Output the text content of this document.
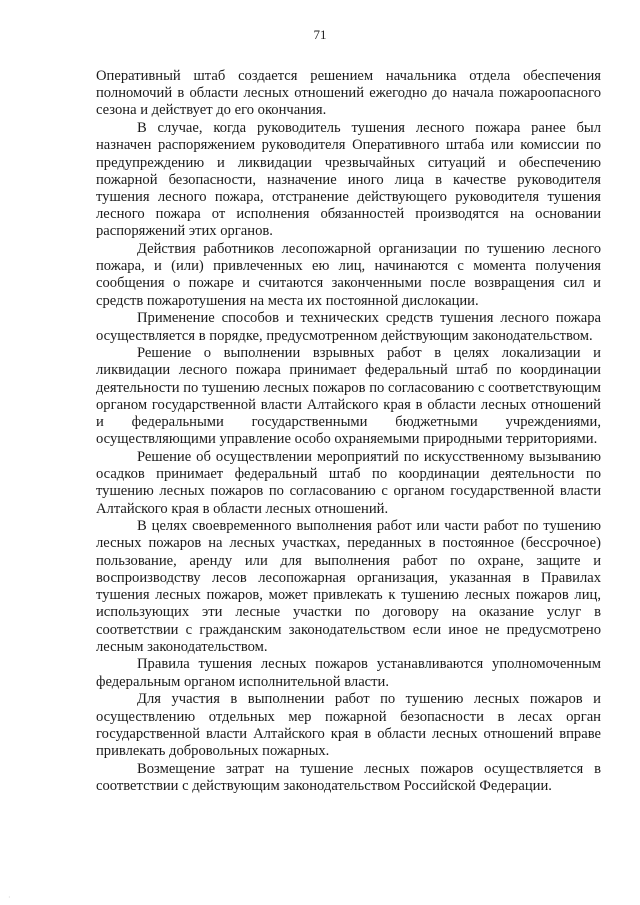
71

Оперативный штаб создается решением начальника отдела обеспечения полномочий в области лесных отношений ежегодно до начала пожароопасного сезона и действует до его окончания.

В случае, когда руководитель тушения лесного пожара ранее был назначен распоряжением руководителя Оперативного штаба или комиссии по предупреждению и ликвидации чрезвычайных ситуаций и обеспечению пожарной безопасности, назначение иного лица в качестве руководителя тушения лесного пожара, отстранение действующего руководителя тушения лесного пожара от исполнения обязанностей производятся на основании распоряжений этих органов.

Действия работников лесопожарной организации по тушению лесного пожара, и (или) привлеченных ею лиц, начинаются с момента получения сообщения о пожаре и считаются законченными после возвращения сил и средств пожаротушения на места их постоянной дислокации.

Применение способов и технических средств тушения лесного пожара осуществляется в порядке, предусмотренном действующим законодательством.

Решение о выполнении взрывных работ в целях локализации и ликвидации лесного пожара принимает федеральный штаб по координации деятельности по тушению лесных пожаров по согласованию с соответствующим органом государственной власти Алтайского края в области лесных отношений и федеральными государственными бюджетными учреждениями, осуществляющими управление особо охраняемыми природными территориями.

Решение об осуществлении мероприятий по искусственному вызыванию осадков принимает федеральный штаб по координации деятельности по тушению лесных пожаров по согласованию с органом государственной власти Алтайского края в области лесных отношений.

В целях своевременного выполнения работ или части работ по тушению лесных пожаров на лесных участках, переданных в постоянное (бессрочное) пользование, аренду или для выполнения работ по охране, защите и воспроизводству лесов лесопожарная организация, указанная в Правилах тушения лесных пожаров, может привлекать к тушению лесных пожаров лиц, использующих эти лесные участки по договору на оказание услуг в соответствии с гражданским законодательством если иное не предусмотрено лесным законодательством.

Правила тушения лесных пожаров устанавливаются уполномоченным федеральным органом исполнительной власти.

Для участия в выполнении работ по тушению лесных пожаров и осуществлению отдельных мер пожарной безопасности в лесах орган государственной власти Алтайского края в области лесных отношений вправе привлекать добровольных пожарных.

Возмещение затрат на тушение лесных пожаров осуществляется в соответствии с действующим законодательством Российской Федерации.

·
